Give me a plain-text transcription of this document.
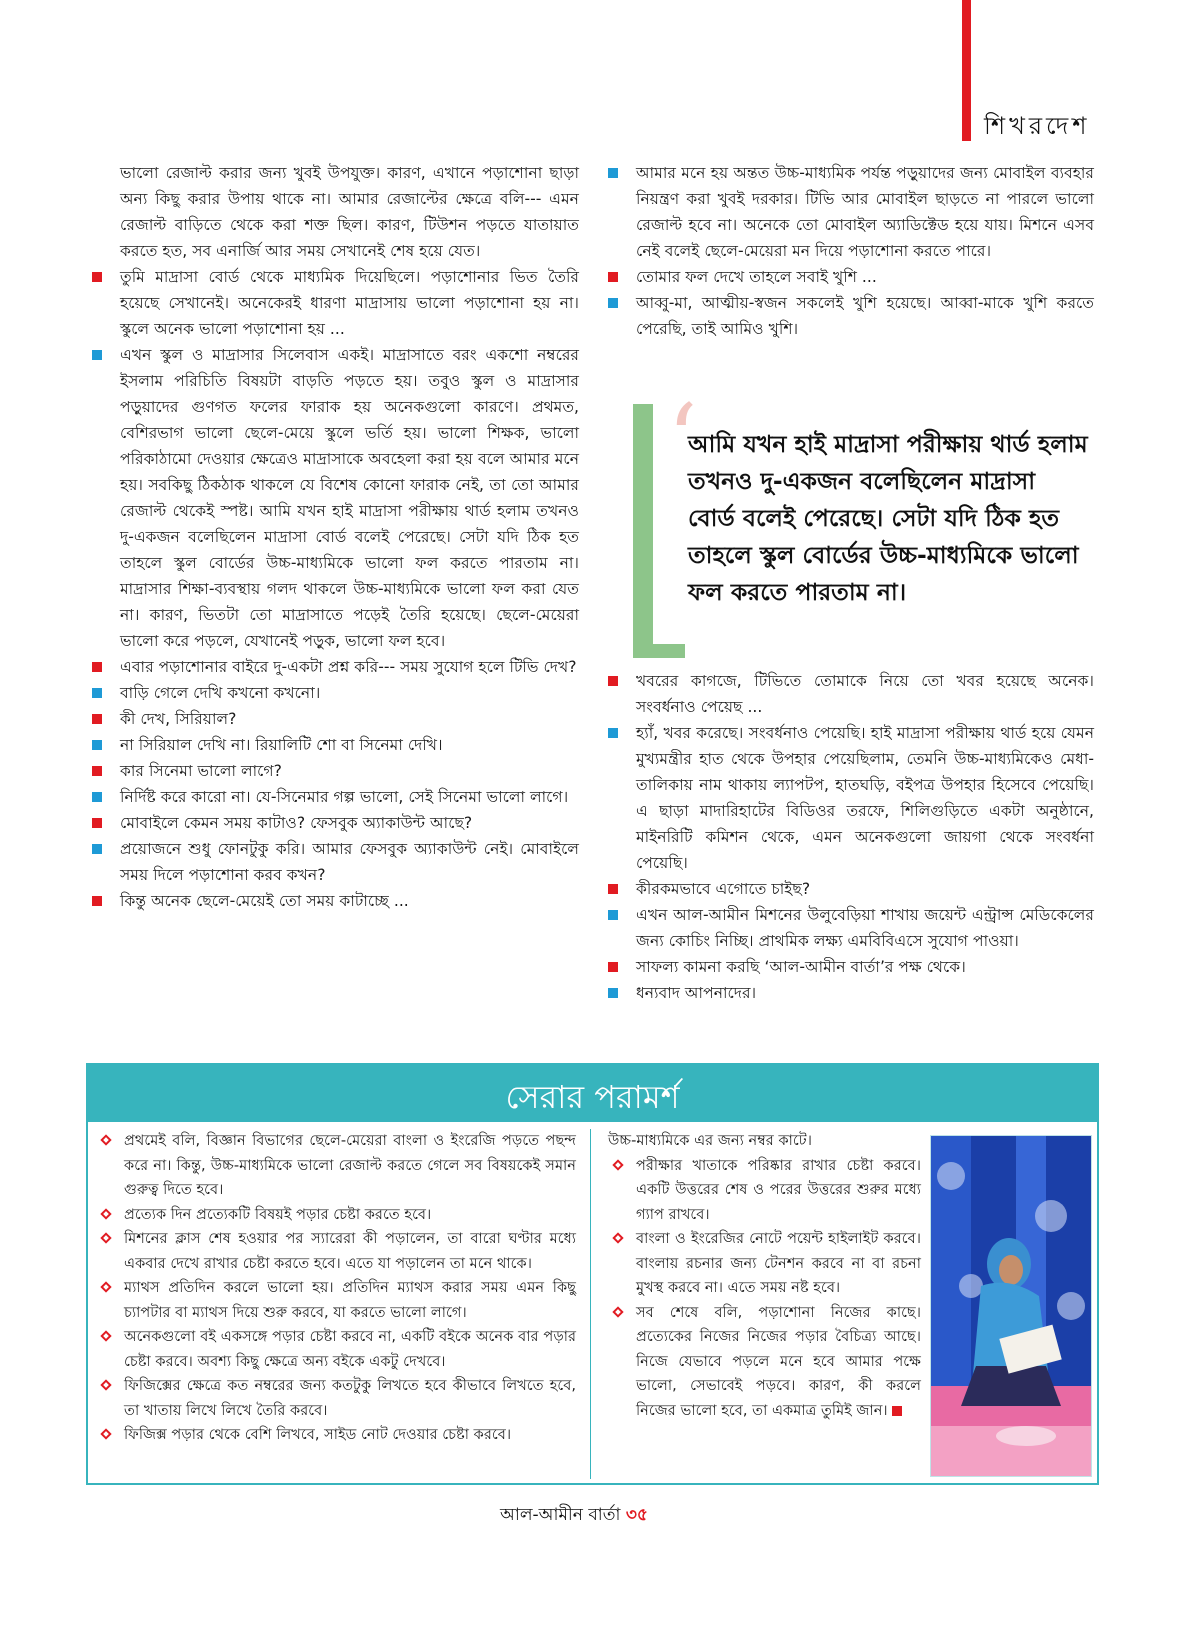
শিখরদেশ

ভালো রেজাল্ট করার জন্য খুবই উপযুক্ত। কারণ, এখানে পড়াশোনা ছাড়া অন্য কিছু করার উপায় থাকে না। আমার রেজাল্টের ক্ষেত্রে বলি--- এমন রেজাল্ট বাড়িতে থেকে করা শক্ত ছিল। কারণ, টিউশন পড়তে যাতায়াত করতে হত, সব এনার্জি আর সময় সেখানেই শেষ হয়ে যেত।

তুমি মাদ্রাসা বোর্ড থেকে মাধ্যমিক দিয়েছিলে। পড়াশোনার ভিত তৈরি হয়েছে সেখানেই। অনেকেরই ধারণা মাদ্রাসায় ভালো পড়াশোনা হয় না। স্কুলে অনেক ভালো পড়াশোনা হয় ...

এখন স্কুল ও মাদ্রাসার সিলেবাস একই। মাদ্রাসাতে বরং একশো নম্বরের ইসলাম পরিচিতি বিষয়টা বাড়তি পড়তে হয়। তবুও স্কুল ও মাদ্রাসার পড়ুয়াদের গুণগত ফলের ফারাক হয় অনেকগুলো কারণে। প্রথমত, বেশিরভাগ ভালো ছেলে-মেয়ে স্কুলে ভর্তি হয়। ভালো শিক্ষক, ভালো পরিকাঠামো দেওয়ার ক্ষেত্রেও মাদ্রাসাকে অবহেলা করা হয় বলে আমার মনে হয়। সবকিছু ঠিকঠাক থাকলে যে বিশেষ কোনো ফারাক নেই, তা তো আমার রেজাল্ট থেকেই স্পষ্ট। আমি যখন হাই মাদ্রাসা পরীক্ষায় থার্ড হলাম তখনও দু-একজন বলেছিলেন মাদ্রাসা বোর্ড বলেই পেরেছে। সেটা যদি ঠিক হত তাহলে স্কুল বোর্ডের উচ্চ-মাধ্যমিকে ভালো ফল করতে পারতাম না। মাদ্রাসার শিক্ষা-ব্যবস্থায় গলদ থাকলে উচ্চ-মাধ্যমিকে ভালো ফল করা যেত না। কারণ, ভিতটা তো মাদ্রাসাতে পড়েই তৈরি হয়েছে। ছেলে-মেয়েরা ভালো করে পড়লে, যেখানেই পড়ুক, ভালো ফল হবে।

এবার পড়াশোনার বাইরে দু-একটা প্রশ্ন করি--- সময় সুযোগ হলে টিভি দেখ?

বাড়ি গেলে দেখি কখনো কখনো।

কী দেখ, সিরিয়াল?

না সিরিয়াল দেখি না। রিয়ালিটি শো বা সিনেমা দেখি।

কার সিনেমা ভালো লাগে?

নির্দিষ্ট করে কারো না। যে-সিনেমার গল্প ভালো, সেই সিনেমা ভালো লাগে।

মোবাইলে কেমন সময় কাটাও? ফেসবুক অ্যাকাউন্ট আছে?

প্রয়োজনে শুধু ফোনটুকু করি। আমার ফেসবুক অ্যাকাউন্ট নেই। মোবাইলে সময় দিলে পড়াশোনা করব কখন?

কিন্তু অনেক ছেলে-মেয়েই তো সময় কাটাচ্ছে ...

আমার মনে হয় অন্তত উচ্চ-মাধ্যমিক পর্যন্ত পড়ুয়াদের জন্য মোবাইল ব্যবহার নিয়ন্ত্রণ করা খুবই দরকার। টিভি আর মোবাইল ছাড়তে না পারলে ভালো রেজাল্ট হবে না। অনেকে তো মোবাইল অ্যাডিক্টেড হয়ে যায়। মিশনে এসব নেই বলেই ছেলে-মেয়েরা মন দিয়ে পড়াশোনা করতে পারে।

তোমার ফল দেখে তাহলে সবাই খুশি ...

আব্বু-মা, আত্মীয়-স্বজন সকলেই খুশি হয়েছে। আব্বা-মাকে খুশি করতে পেরেছি, তাই আমিও খুশি।

‘
আমি যখন হাই মাদ্রাসা পরীক্ষায় থার্ড হলাম তখনও দু-একজন বলেছিলেন মাদ্রাসা বোর্ড বলেই পেরেছে। সেটা যদি ঠিক হত তাহলে স্কুল বোর্ডের উচ্চ-মাধ্যমিকে ভালো ফল করতে পারতাম না।

খবরের কাগজে, টিভিতে তোমাকে নিয়ে তো খবর হয়েছে অনেক। সংবর্ধনাও পেয়েছ ...

হ্যাঁ, খবর করেছে। সংবর্ধনাও পেয়েছি। হাই মাদ্রাসা পরীক্ষায় থার্ড হয়ে যেমন মুখ্যমন্ত্রীর হাত থেকে উপহার পেয়েছিলাম, তেমনি উচ্চ-মাধ্যমিকেও মেধা-তালিকায় নাম থাকায় ল্যাপটপ, হাতঘড়ি, বইপত্র উপহার হিসেবে পেয়েছি। এ ছাড়া মাদারিহাটের বিডিওর তরফে, শিলিগুড়িতে একটা অনুষ্ঠানে, মাইনরিটি কমিশন থেকে, এমন অনেকগুলো জায়গা থেকে সংবর্ধনা পেয়েছি।

কীরকমভাবে এগোতে চাইছ?

এখন আল-আমীন মিশনের উলুবেড়িয়া শাখায় জয়েন্ট এন্ট্রান্স মেডিকেলের জন্য কোচিং নিচ্ছি। প্রাথমিক লক্ষ্য এমবিবিএসে সুযোগ পাওয়া।

সাফল্য কামনা করছি ‘আল-আমীন বার্তা’র পক্ষ থেকে।

ধন্যবাদ আপনাদের।

সেরার পরামর্শ

প্রথমেই বলি, বিজ্ঞান বিভাগের ছেলে-মেয়েরা বাংলা ও ইংরেজি পড়তে পছন্দ করে না। কিন্তু, উচ্চ-মাধ্যমিকে ভালো রেজাল্ট করতে গেলে সব বিষয়কেই সমান গুরুত্ব দিতে হবে।

প্রত্যেক দিন প্রত্যেকটি বিষয়ই পড়ার চেষ্টা করতে হবে।

মিশনের ক্লাস শেষ হওয়ার পর স্যারেরা কী পড়ালেন, তা বারো ঘণ্টার মধ্যে একবার দেখে রাখার চেষ্টা করতে হবে। এতে যা পড়ালেন তা মনে থাকে।

ম্যাথস প্রতিদিন করলে ভালো হয়। প্রতিদিন ম্যাথস করার সময় এমন কিছু চ্যাপটার বা ম্যাথস দিয়ে শুরু করবে, যা করতে ভালো লাগে।

অনেকগুলো বই একসঙ্গে পড়ার চেষ্টা করবে না, একটি বইকে অনেক বার পড়ার চেষ্টা করবে। অবশ্য কিছু ক্ষেত্রে অন্য বইকে একটু দেখবে।

ফিজিক্সের ক্ষেত্রে কত নম্বরের জন্য কতটুকু লিখতে হবে কীভাবে লিখতে হবে, তা খাতায় লিখে লিখে তৈরি করবে।

ফিজিক্স পড়ার থেকে বেশি লিখবে, সাইড নোট দেওয়ার চেষ্টা করবে।

উচ্চ-মাধ্যমিকে এর জন্য নম্বর কাটে।

পরীক্ষার খাতাকে পরিষ্কার রাখার চেষ্টা করবে। একটি উত্তরের শেষ ও পরের উত্তরের শুরুর মধ্যে গ্যাপ রাখবে।

বাংলা ও ইংরেজির নোটে পয়েন্ট হাইলাইট করবে। বাংলায় রচনার জন্য টেনশন করবে না বা রচনা মুখস্থ করবে না। এতে সময় নষ্ট হবে।

সব শেষে বলি, পড়াশোনা নিজের কাছে। প্রত্যেকের নিজের নিজের পড়ার বৈচিত্র্য আছে। নিজে যেভাবে পড়লে মনে হবে আমার পক্ষে ভালো, সেভাবেই পড়বে। কারণ, কী করলে নিজের ভালো হবে, তা একমাত্র তুমিই জান।

আল-আমীন বার্তা ৩৫
